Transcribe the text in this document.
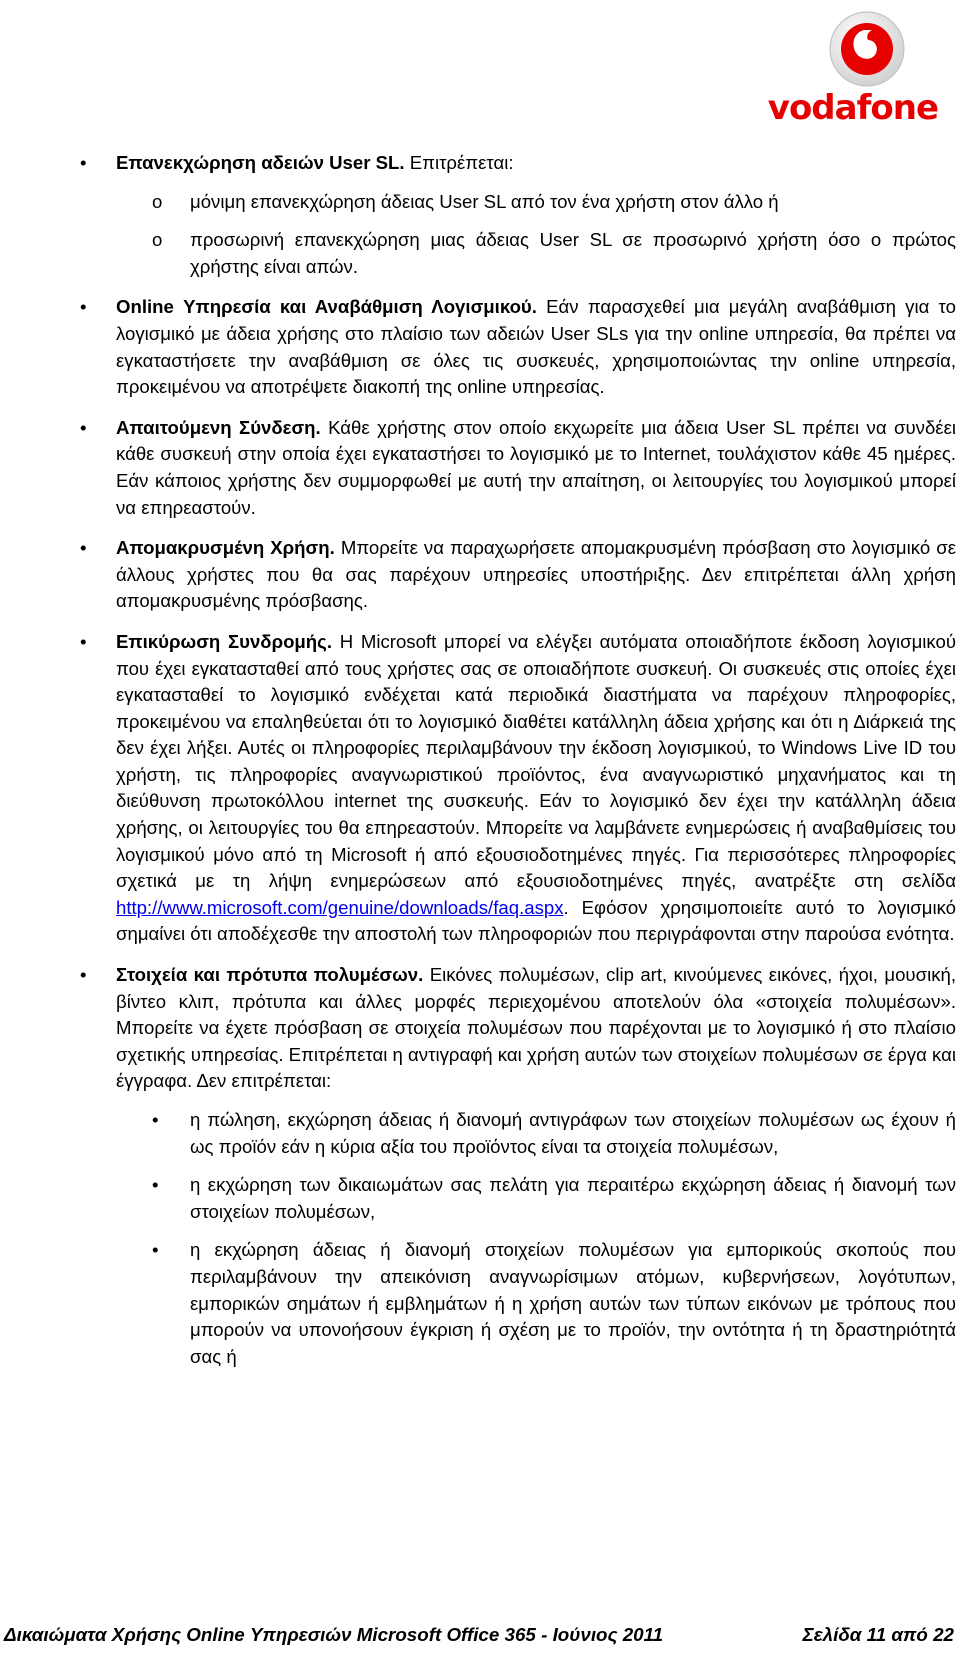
vodafone
•	Επανεκχώρηση αδειών User SL. Επιτρέπεται:
o μόνιμη επανεκχώρηση άδειας User SL από τον ένα χρήστη στον άλλο ή
o προσωρινή επανεκχώρηση μιας άδειας User SL σε προσωρινό χρήστη όσο ο πρώτος χρήστης είναι απών.
•	Online Υπηρεσία και Αναβάθμιση Λογισμικού. Εάν παρασχεθεί μια μεγάλη αναβάθμιση για το λογισμικό με άδεια χρήσης στο πλαίσιο των αδειών User SLs για την online υπηρεσία, θα πρέπει να εγκαταστήσετε την αναβάθμιση σε όλες τις συσκευές, χρησιμοποιώντας την online υπηρεσία, προκειμένου να αποτρέψετε διακοπή της online υπηρεσίας.
•	Απαιτούμενη Σύνδεση. Κάθε χρήστης στον οποίο εκχωρείτε μια άδεια User SL πρέπει να συνδέει κάθε συσκευή στην οποία έχει εγκαταστήσει το λογισμικό με το Internet, τουλάχιστον κάθε 45 ημέρες. Εάν κάποιος χρήστης δεν συμμορφωθεί με αυτή την απαίτηση, οι λειτουργίες του λογισμικού μπορεί να επηρεαστούν.
•	Απομακρυσμένη Χρήση. Μπορείτε να παραχωρήσετε απομακρυσμένη πρόσβαση στο λογισμικό σε άλλους χρήστες που θα σας παρέχουν υπηρεσίες υποστήριξης. Δεν επιτρέπεται άλλη χρήση απομακρυσμένης πρόσβασης.
•	Επικύρωση Συνδρομής. Η Microsoft μπορεί να ελέγξει αυτόματα οποιαδήποτε έκδοση λογισμικού που έχει εγκατασταθεί από τους χρήστες σας σε οποιαδήποτε συσκευή. Οι συσκευές στις οποίες έχει εγκατασταθεί το λογισμικό ενδέχεται κατά περιοδικά διαστήματα να παρέχουν πληροφορίες, προκειμένου να επαληθεύεται ότι το λογισμικό διαθέτει κατάλληλη άδεια χρήσης και ότι η Διάρκειά της δεν έχει λήξει. Αυτές οι πληροφορίες περιλαμβάνουν την έκδοση λογισμικού, το Windows Live ID του χρήστη, τις πληροφορίες αναγνωριστικού προϊόντος, ένα αναγνωριστικό μηχανήματος και τη διεύθυνση πρωτοκόλλου internet της συσκευής. Εάν το λογισμικό δεν έχει την κατάλληλη άδεια χρήσης, οι λειτουργίες του θα επηρεαστούν. Μπορείτε να λαμβάνετε ενημερώσεις ή αναβαθμίσεις του λογισμικού μόνο από τη Microsoft ή από εξουσιοδοτημένες πηγές. Για περισσότερες πληροφορίες σχετικά με τη λήψη ενημερώσεων από εξουσιοδοτημένες πηγές, ανατρέξτε στη σελίδα http://www.microsoft.com/genuine/downloads/faq.aspx. Εφόσον χρησιμοποιείτε αυτό το λογισμικό σημαίνει ότι αποδέχεσθε την αποστολή των πληροφοριών που περιγράφονται στην παρούσα ενότητα.
•	Στοιχεία και πρότυπα πολυμέσων. Εικόνες πολυμέσων, clip art, κινούμενες εικόνες, ήχοι, μουσική, βίντεο κλιπ, πρότυπα και άλλες μορφές περιεχομένου αποτελούν όλα «στοιχεία πολυμέσων». Μπορείτε να έχετε πρόσβαση σε στοιχεία πολυμέσων που παρέχονται με το λογισμικό ή στο πλαίσιο σχετικής υπηρεσίας. Επιτρέπεται η αντιγραφή και χρήση αυτών των στοιχείων πολυμέσων σε έργα και έγγραφα. Δεν επιτρέπεται:
• η πώληση, εκχώρηση άδειας ή διανομή αντιγράφων των στοιχείων πολυμέσων ως έχουν ή ως προϊόν εάν η κύρια αξία του προϊόντος είναι τα στοιχεία πολυμέσων,
• η εκχώρηση των δικαιωμάτων σας πελάτη για περαιτέρω εκχώρηση άδειας ή διανομή των στοιχείων πολυμέσων,
• η εκχώρηση άδειας ή διανομή στοιχείων πολυμέσων για εμπορικούς σκοπούς που περιλαμβάνουν την απεικόνιση αναγνωρίσιμων ατόμων, κυβερνήσεων, λογότυπων, εμπορικών σημάτων ή εμβλημάτων ή η χρήση αυτών των τύπων εικόνων με τρόπους που μπορούν να υπονοήσουν έγκριση ή σχέση με το προϊόν, την οντότητα ή τη δραστηριότητά σας ή
Δικαιώματα Χρήσης Online Υπηρεσιών Microsoft Office 365 - Ιούνιος 2011	Σελίδα 11 από 22
